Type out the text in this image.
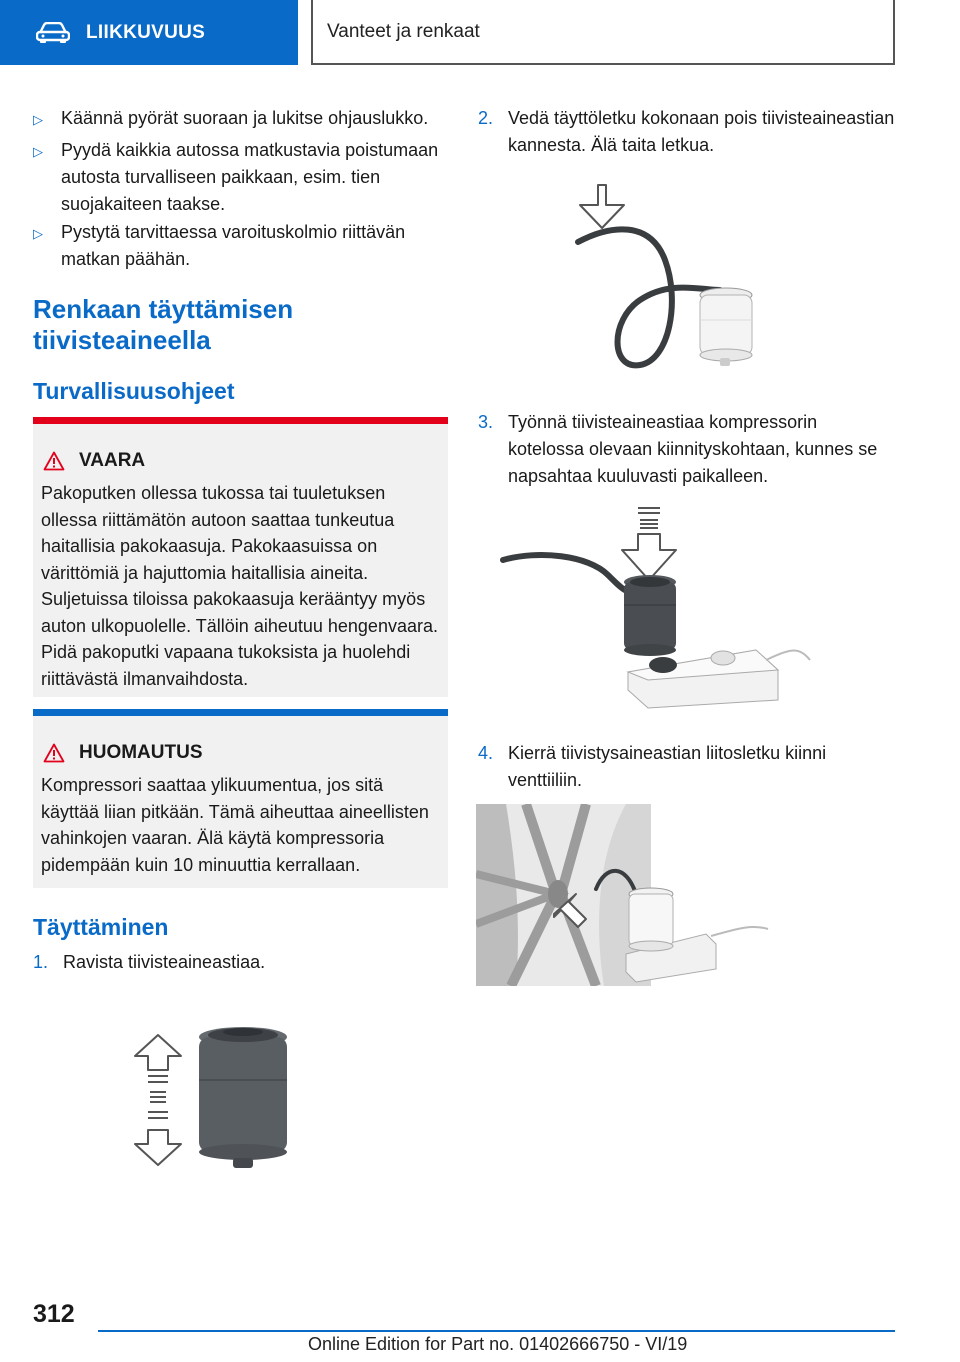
LIIKKUVUUS	Vanteet ja renkaat
▷	Käännä pyörät suoraan ja lukitse ohjauslukko.
▷	Pyydä kaikkia autossa matkustavia poistumaan autosta turvalliseen paikkaan, esim. tien suojakaiteen taakse.
▷	Pystytä tarvittaessa varoituskolmio riittävän matkan päähän.
Renkaan täyttämisen tiivisteaineella
Turvallisuusohjeet
VAARA
Pakoputken ollessa tukossa tai tuuletuksen ollessa riittämätön autoon saattaa tunkeutua haitallisia pakokaasuja. Pakokaasuissa on värittömiä ja hajuttomia haitallisia aineita. Suljetuissa tiloissa pakokaasuja kerääntyy myös auton ulkopuolelle. Tällöin aiheutuu hengenvaara. Pidä pakoputki vapaana tukoksista ja huolehdi riittävästä ilmanvaihdosta.
HUOMAUTUS
Kompressori saattaa ylikuumentua, jos sitä käyttää liian pitkään. Tämä aiheuttaa aineellisten vahinkojen vaaran. Älä käytä kompressoria pidempään kuin 10 minuuttia kerrallaan.
Täyttäminen
1. Ravista tiivisteaineastiaa.
2. Vedä täyttöletku kokonaan pois tiivisteaineastian kannesta. Älä taita letkua.
3. Työnnä tiivisteaineastiaa kompressorin kotelossa olevaan kiinnityskohtaan, kunnes se napsahtaa kuuluvasti paikalleen.
4. Kierrä tiivistysaineastian liitosletku kiinni venttiiliin.
312
Online Edition for Part no. 01402666750 - VI/19
